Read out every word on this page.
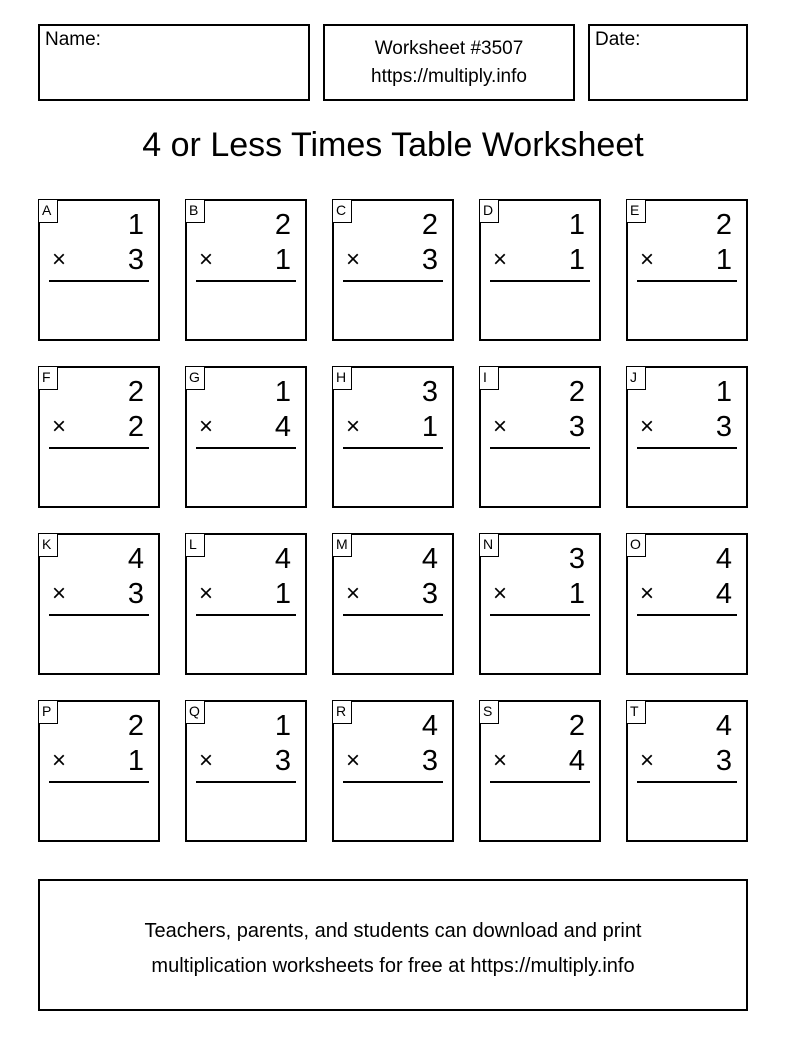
Name:	Worksheet #3507
https://multiply.info
Date:
4 or Less Times Table Worksheet
A	1
× 3
B	2
× 1
C	2
× 3
D	1
× 1
E	2
× 1
F	2
× 2
G	1
× 4
H	3
× 1
I	2
× 3
J	1
× 3
K	4
× 3
L	4
× 1
M	4
× 3
N	3
× 1
O	4
× 4
P	2
× 1
Q	1
× 3
R	4
× 3
S	2
× 4
T	4
× 3
Teachers, parents, and students can download and print
multiplication worksheets for free at https://multiply.info
